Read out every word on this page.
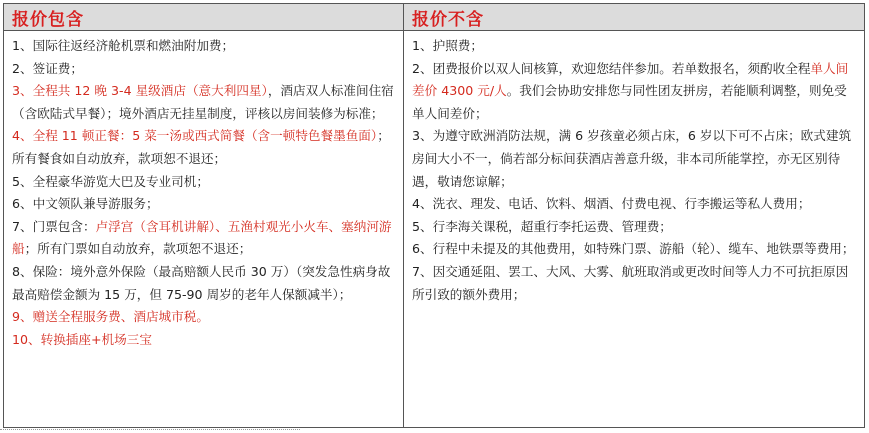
报价包含

1、国际往返经济舱机票和燃油附加费；

2、签证费；

3、全程共 12 晚 3-4 星级酒店（意大利四星），酒店双人标准间住宿（含欧陆式早餐）；境外酒店无挂星制度，评核以房间装修为标准；

4、全程 11 顿正餐：5 菜一汤或西式简餐（含一顿特色餐墨鱼面）；所有餐食如自动放弃，款项恕不退还；

5、全程豪华游览大巴及专业司机；

6、中文领队兼导游服务；

7、门票包含：卢浮宫（含耳机讲解）、五渔村观光小火车、塞纳河游船；所有门票如自动放弃，款项恕不退还；

8、保险：境外意外保险（最高赔额人民币 30 万）（突发急性病身故最高赔偿金额为 15 万，但 75-90 周岁的老年人保额减半）；

9、赠送全程服务费、酒店城市税。

10、转换插座+机场三宝

报价不含

1、护照费；

2、团费报价以双人间核算，欢迎您结伴参加。若单数报名，须酌收全程单人间差价 4300 元/人。我们会协助安排您与同性团友拼房，若能顺利调整，则免受单人间差价；

3、为遵守欧洲消防法规，满 6 岁孩童必须占床，6 岁以下可不占床；欧式建筑房间大小不一，倘若部分标间获酒店善意升级，非本司所能掌控，亦无区别待遇，敬请您谅解；

4、洗衣、理发、电话、饮料、烟酒、付费电视、行李搬运等私人费用；

5、行李海关课税，超重行李托运费、管理费；

6、行程中未提及的其他费用，如特殊门票、游船（轮）、缆车、地铁票等费用；

7、因交通延阻、罢工、大风、大雾、航班取消或更改时间等人力不可抗拒原因所引致的额外费用；
